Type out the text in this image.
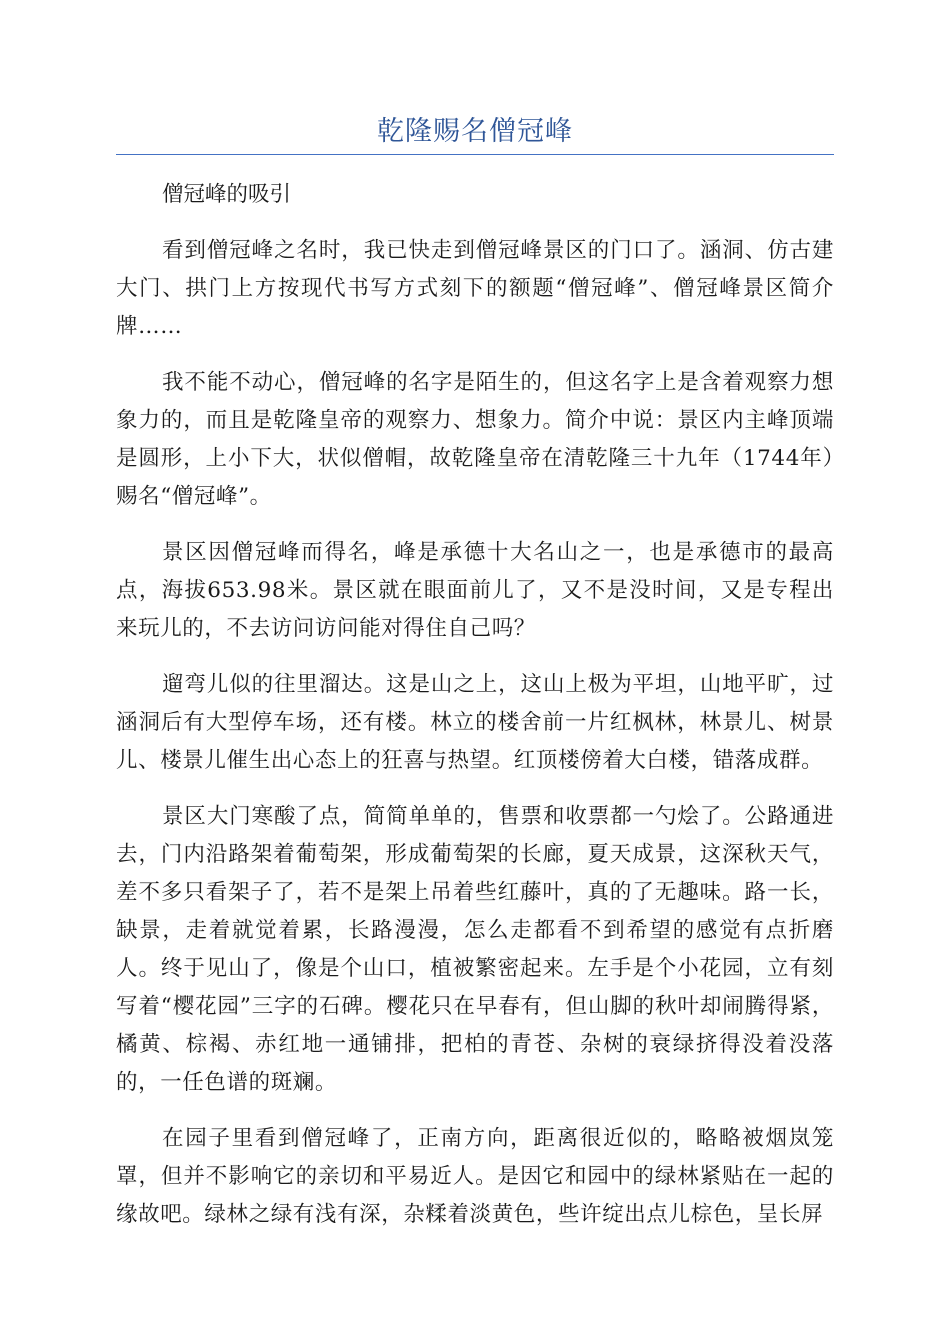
乾隆赐名僧冠峰

僧冠峰的吸引

看到僧冠峰之名时，我已快走到僧冠峰景区的门口了。涵洞、仿古建大门、拱门上方按现代书写方式刻下的额题“僧冠峰”、僧冠峰景区简介牌……

我不能不动心，僧冠峰的名字是陌生的，但这名字上是含着观察力想象力的，而且是乾隆皇帝的观察力、想象力。简介中说：景区内主峰顶端是圆形，上小下大，状似僧帽，故乾隆皇帝在清乾隆三十九年（1744年）赐名“僧冠峰”。

景区因僧冠峰而得名，峰是承德十大名山之一，也是承德市的最高点，海拔653.98米。景区就在眼面前儿了，又不是没时间，又是专程出来玩儿的，不去访问访问能对得住自己吗？

遛弯儿似的往里溜达。这是山之上，这山上极为平坦，山地平旷，过涵洞后有大型停车场，还有楼。林立的楼舍前一片红枫林，林景儿、树景儿、楼景儿催生出心态上的狂喜与热望。红顶楼傍着大白楼，错落成群。

景区大门寒酸了点，简简单单的，售票和收票都一勺烩了。公路通进去，门内沿路架着葡萄架，形成葡萄架的长廊，夏天成景，这深秋天气，差不多只看架子了，若不是架上吊着些红藤叶，真的了无趣味。路一长，缺景，走着就觉着累，长路漫漫，怎么走都看不到希望的感觉有点折磨人。终于见山了，像是个山口，植被繁密起来。左手是个小花园，立有刻写着“樱花园”三字的石碑。樱花只在早春有，但山脚的秋叶却闹腾得紧，橘黄、棕褐、赤红地一通铺排，把柏的青苍、杂树的衰绿挤得没着没落的，一任色谱的斑斓。

在园子里看到僧冠峰了，正南方向，距离很近似的，略略被烟岚笼罩，但并不影响它的亲切和平易近人。是因它和园中的绿林紧贴在一起的缘故吧。绿林之绿有浅有深，杂糅着淡黄色，些许绽出点儿棕色，呈长屏
